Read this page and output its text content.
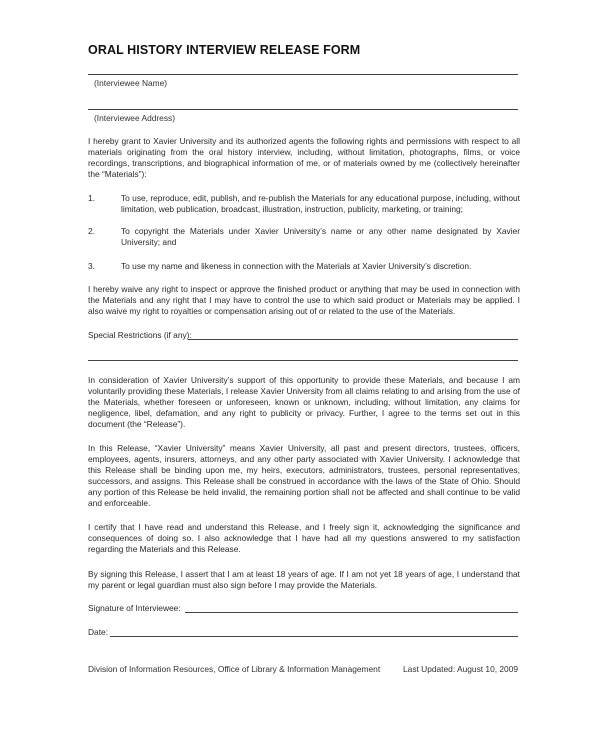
ORAL HISTORY INTERVIEW RELEASE FORM
(Interviewee Name)
(Interviewee Address)
I hereby grant to Xavier University and its authorized agents the following rights and permissions with respect to all materials originating from the oral history interview, including, without limitation, photographs, films, or voice recordings, transcriptions, and biographical information of me, or of materials owned by me (collectively hereinafter the “Materials”):
1.	To use, reproduce, edit, publish, and re-publish the Materials for any educational purpose, including, without limitation, web publication, broadcast, illustration, instruction, publicity, marketing, or training;
2.	To copyright the Materials under Xavier University’s name or any other name designated by Xavier University; and
3.	To use my name and likeness in connection with the Materials at Xavier University’s discretion.
I hereby waive any right to inspect or approve the finished product or anything that may be used in connection with the Materials and any right that I may have to control the use to which said product or Materials may be applied. I also waive my right to royalties or compensation arising out of or related to the use of the Materials.
Special Restrictions (if any):
In consideration of Xavier University’s support of this opportunity to provide these Materials, and because I am voluntarily providing these Materials, I release Xavier University from all claims relating to and arising from the use of the Materials, whether foreseen or unforeseen, known or unknown, including, without limitation, any claims for negligence, libel, defamation, and any right to publicity or privacy. Further, I agree to the terms set out in this document (the “Release”).
In this Release, “Xavier University” means Xavier University, all past and present directors, trustees, officers, employees, agents, insurers, attorneys, and any other party associated with Xavier University. I acknowledge that this Release shall be binding upon me, my heirs, executors, administrators, trustees, personal representatives, successors, and assigns. This Release shall be construed in accordance with the laws of the State of Ohio. Should any portion of this Release be held invalid, the remaining portion shall not be affected and shall continue to be valid and enforceable.
I certify that I have read and understand this Release, and I freely sign it, acknowledging the significance and consequences of doing so. I also acknowledge that I have had all my questions answered to my satisfaction regarding the Materials and this Release.
By signing this Release, I assert that I am at least 18 years of age. If I am not yet 18 years of age, I understand that my parent or legal guardian must also sign before I may provide the Materials.
Signature of Interviewee:
Date:
Division of Information Resources, Office of Library & Information Management	Last Updated: August 10, 2009
